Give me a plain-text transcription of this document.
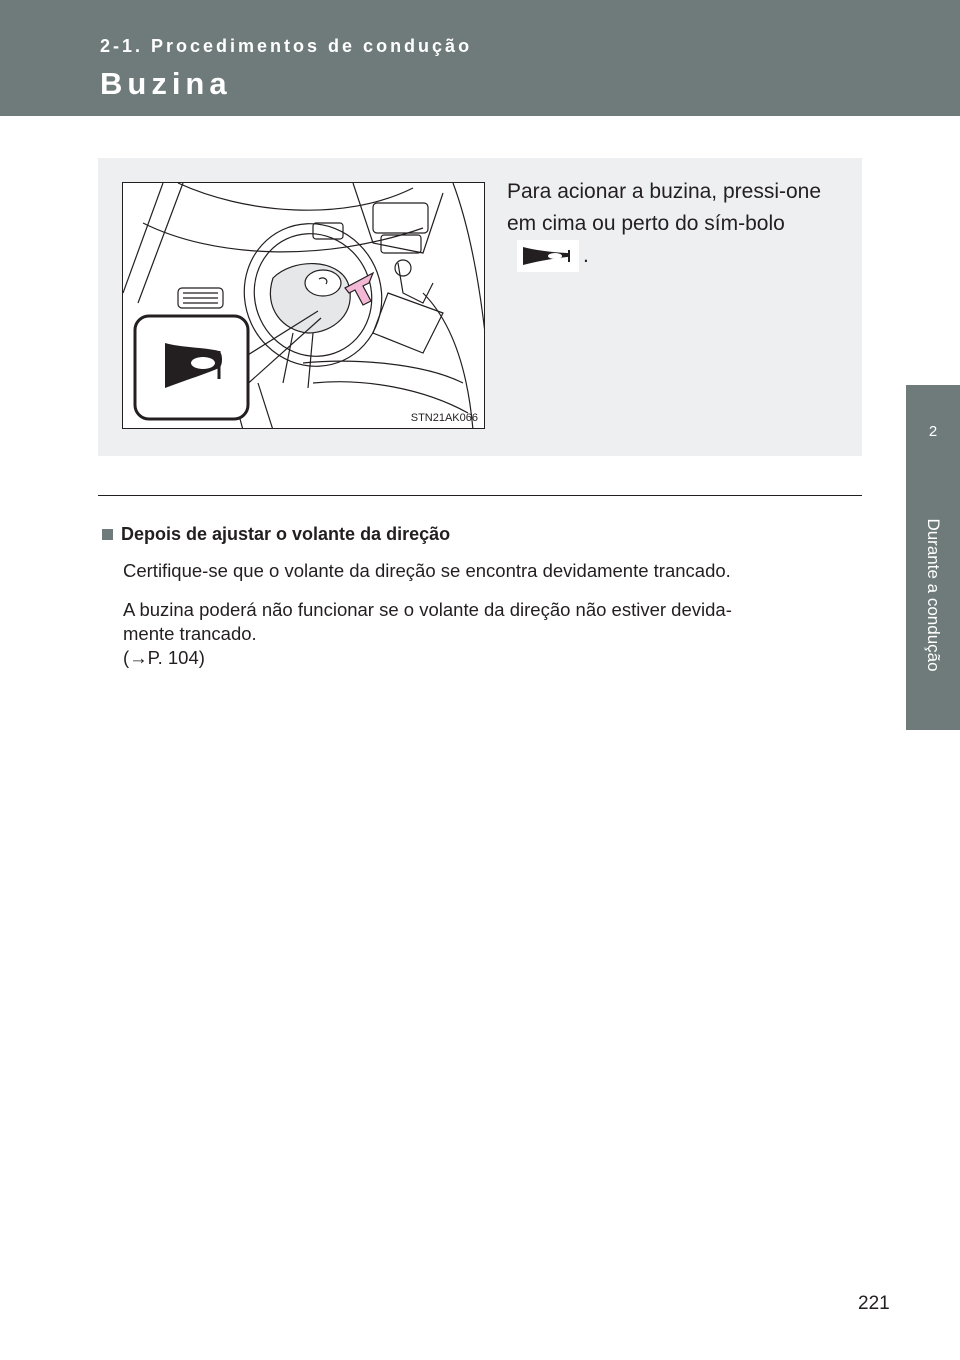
2-1. Procedimentos de condução
Buzina
2
Durante a condução
STN21AK066
Para acionar a buzina, pressi-one em cima ou perto do sím-bolo.
Depois de ajustar o volante da direção
Certifique-se que o volante da direção se encontra devidamente trancado.
A buzina poderá não funcionar se o volante da direção não estiver devida-
mente trancado.
(→P. 104)
221
